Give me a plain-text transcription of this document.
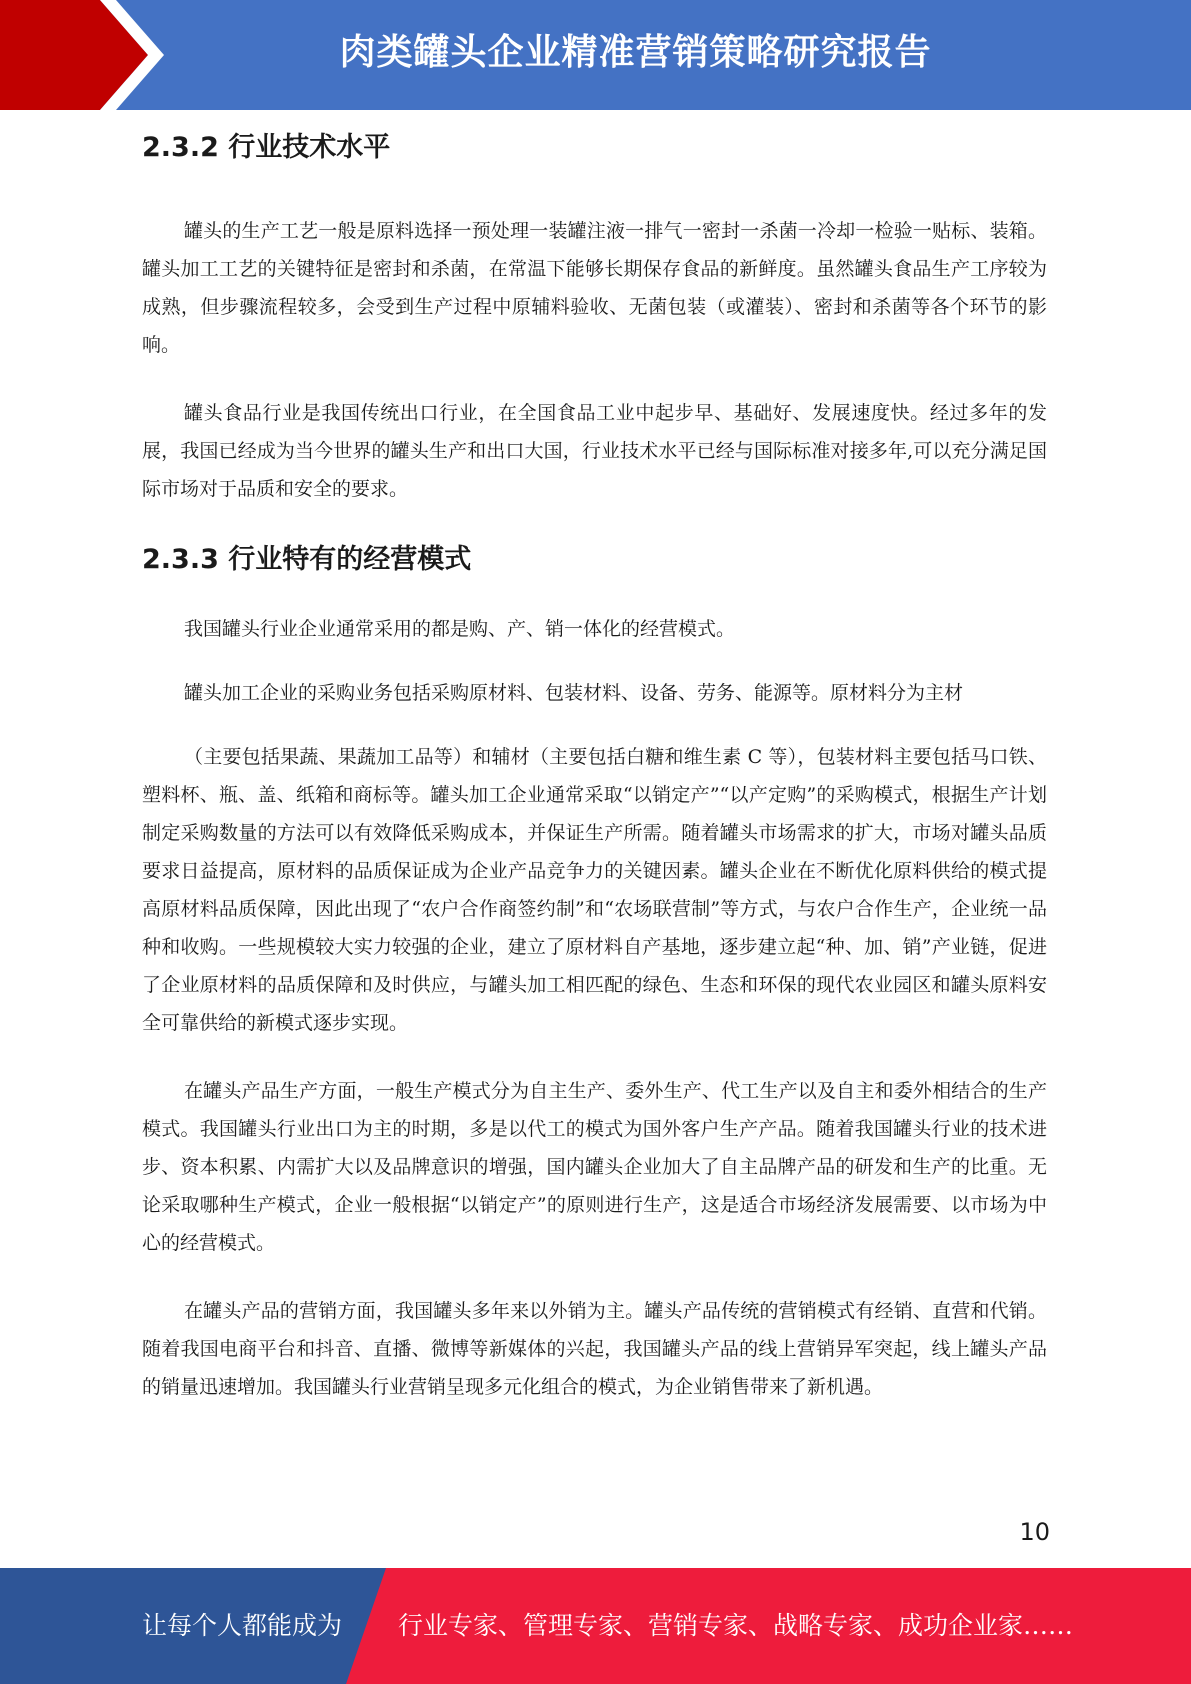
肉类罐头企业精准营销策略研究报告
2.3.2 行业技术水平

罐头的生产工艺一般是原料选择一预处理一装罐注液一排气一密封一杀菌一冷却一检验一贴标、装箱。罐头加工工艺的关键特征是密封和杀菌，在常温下能够长期保存食品的新鲜度。虽然罐头食品生产工序较为成熟，但步骤流程较多，会受到生产过程中原辅料验收、无菌包装（或灌装）、密封和杀菌等各个环节的影响。

罐头食品行业是我国传统出口行业，在全国食品工业中起步早、基础好、发展速度快。经过多年的发展，我国已经成为当今世界的罐头生产和出口大国，行业技术水平已经与国际标准对接多年,可以充分满足国际市场对于品质和安全的要求。

2.3.3 行业特有的经营模式

我国罐头行业企业通常采用的都是购、产、销一体化的经营模式。

罐头加工企业的采购业务包括采购原材料、包装材料、设备、劳务、能源等。原材料分为主材

（主要包括果蔬、果蔬加工品等）和辅材（主要包括白糖和维生素 C 等），包装材料主要包括马口铁、塑料杯、瓶、盖、纸箱和商标等。罐头加工企业通常采取“以销定产”“以产定购”的采购模式，根据生产计划制定采购数量的方法可以有效降低采购成本，并保证生产所需。随着罐头市场需求的扩大，市场对罐头品质要求日益提高，原材料的品质保证成为企业产品竞争力的关键因素。罐头企业在不断优化原料供给的模式提高原材料品质保障，因此出现了“农户合作商签约制”和“农场联营制”等方式，与农户合作生产，企业统一品种和收购。一些规模较大实力较强的企业，建立了原材料自产基地，逐步建立起“种、加、销”产业链，促进了企业原材料的品质保障和及时供应，与罐头加工相匹配的绿色、生态和环保的现代农业园区和罐头原料安全可靠供给的新模式逐步实现。

在罐头产品生产方面，一般生产模式分为自主生产、委外生产、代工生产以及自主和委外相结合的生产模式。我国罐头行业出口为主的时期，多是以代工的模式为国外客户生产产品。随着我国罐头行业的技术进步、资本积累、内需扩大以及品牌意识的增强，国内罐头企业加大了自主品牌产品的研发和生产的比重。无论采取哪种生产模式，企业一般根据“以销定产”的原则进行生产，这是适合市场经济发展需要、以市场为中心的经营模式。

在罐头产品的营销方面，我国罐头多年来以外销为主。罐头产品传统的营销模式有经销、直营和代销。随着我国电商平台和抖音、直播、微博等新媒体的兴起，我国罐头产品的线上营销异军突起，线上罐头产品的销量迅速增加。我国罐头行业营销呈现多元化组合的模式，为企业销售带来了新机遇。

10
让每个人都能成为 行业专家、管理专家、营销专家、战略专家、成功企业家……
